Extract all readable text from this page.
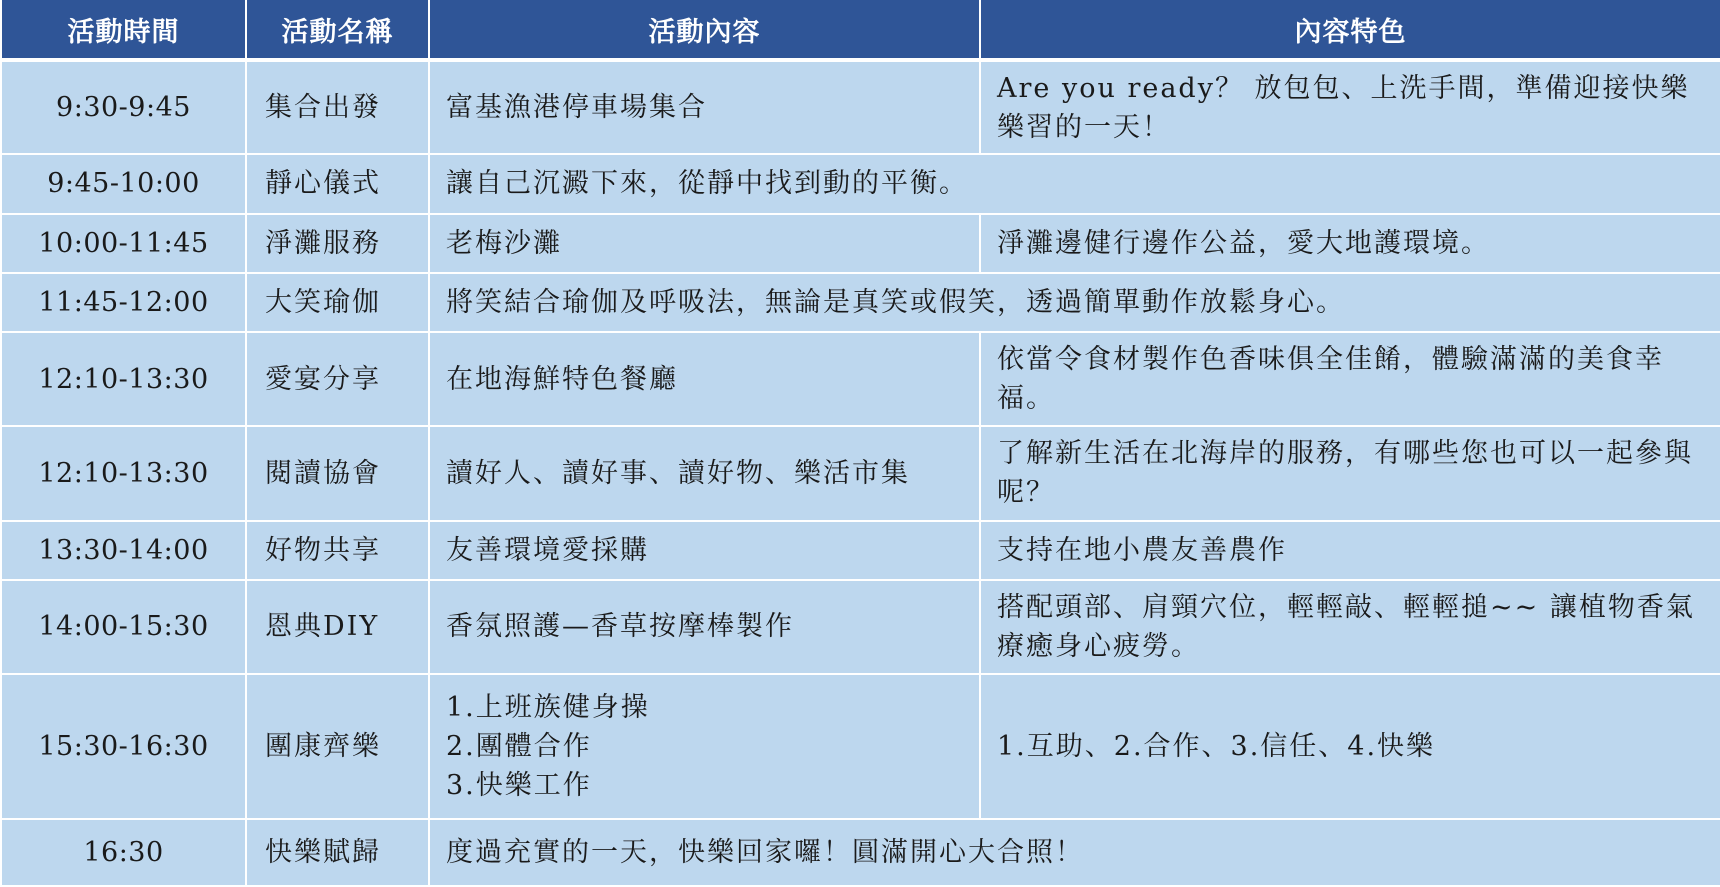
活動時間	活動名稱	活動內容	內容特色
9:30-9:45	集合出發	富基漁港停車場集合	Are you ready？ 放包包、上洗手間，準備迎接快樂樂習的一天！
9:45-10:00	靜心儀式	讓自己沉澱下來，從靜中找到動的平衡。	
10:00-11:45	淨灘服務	老梅沙灘	淨灘邊健行邊作公益，愛大地護環境。
11:45-12:00	大笑瑜伽	將笑結合瑜伽及呼吸法，無論是真笑或假笑，透過簡單動作放鬆身心。	
12:10-13:30	愛宴分享	在地海鮮特色餐廳	依當令食材製作色香味俱全佳餚，體驗滿滿的美食幸福。
12:10-13:30	閱讀協會	讀好人、讀好事、讀好物、樂活市集	了解新生活在北海岸的服務，有哪些您也可以一起參與呢？
13:30-14:00	好物共享	友善環境愛採購	支持在地小農友善農作
14:00-15:30	恩典DIY	香氛照護—香草按摩棒製作	搭配頭部、肩頸穴位，輕輕敲、輕輕搥~~ 讓植物香氣療癒身心疲勞。
15:30-16:30	團康齊樂	1.上班族健身操
2.團體合作
3.快樂工作	1.互助、2.合作、3.信任、4.快樂
16:30	快樂賦歸	度過充實的一天，快樂回家囉！圓滿開心大合照！	
